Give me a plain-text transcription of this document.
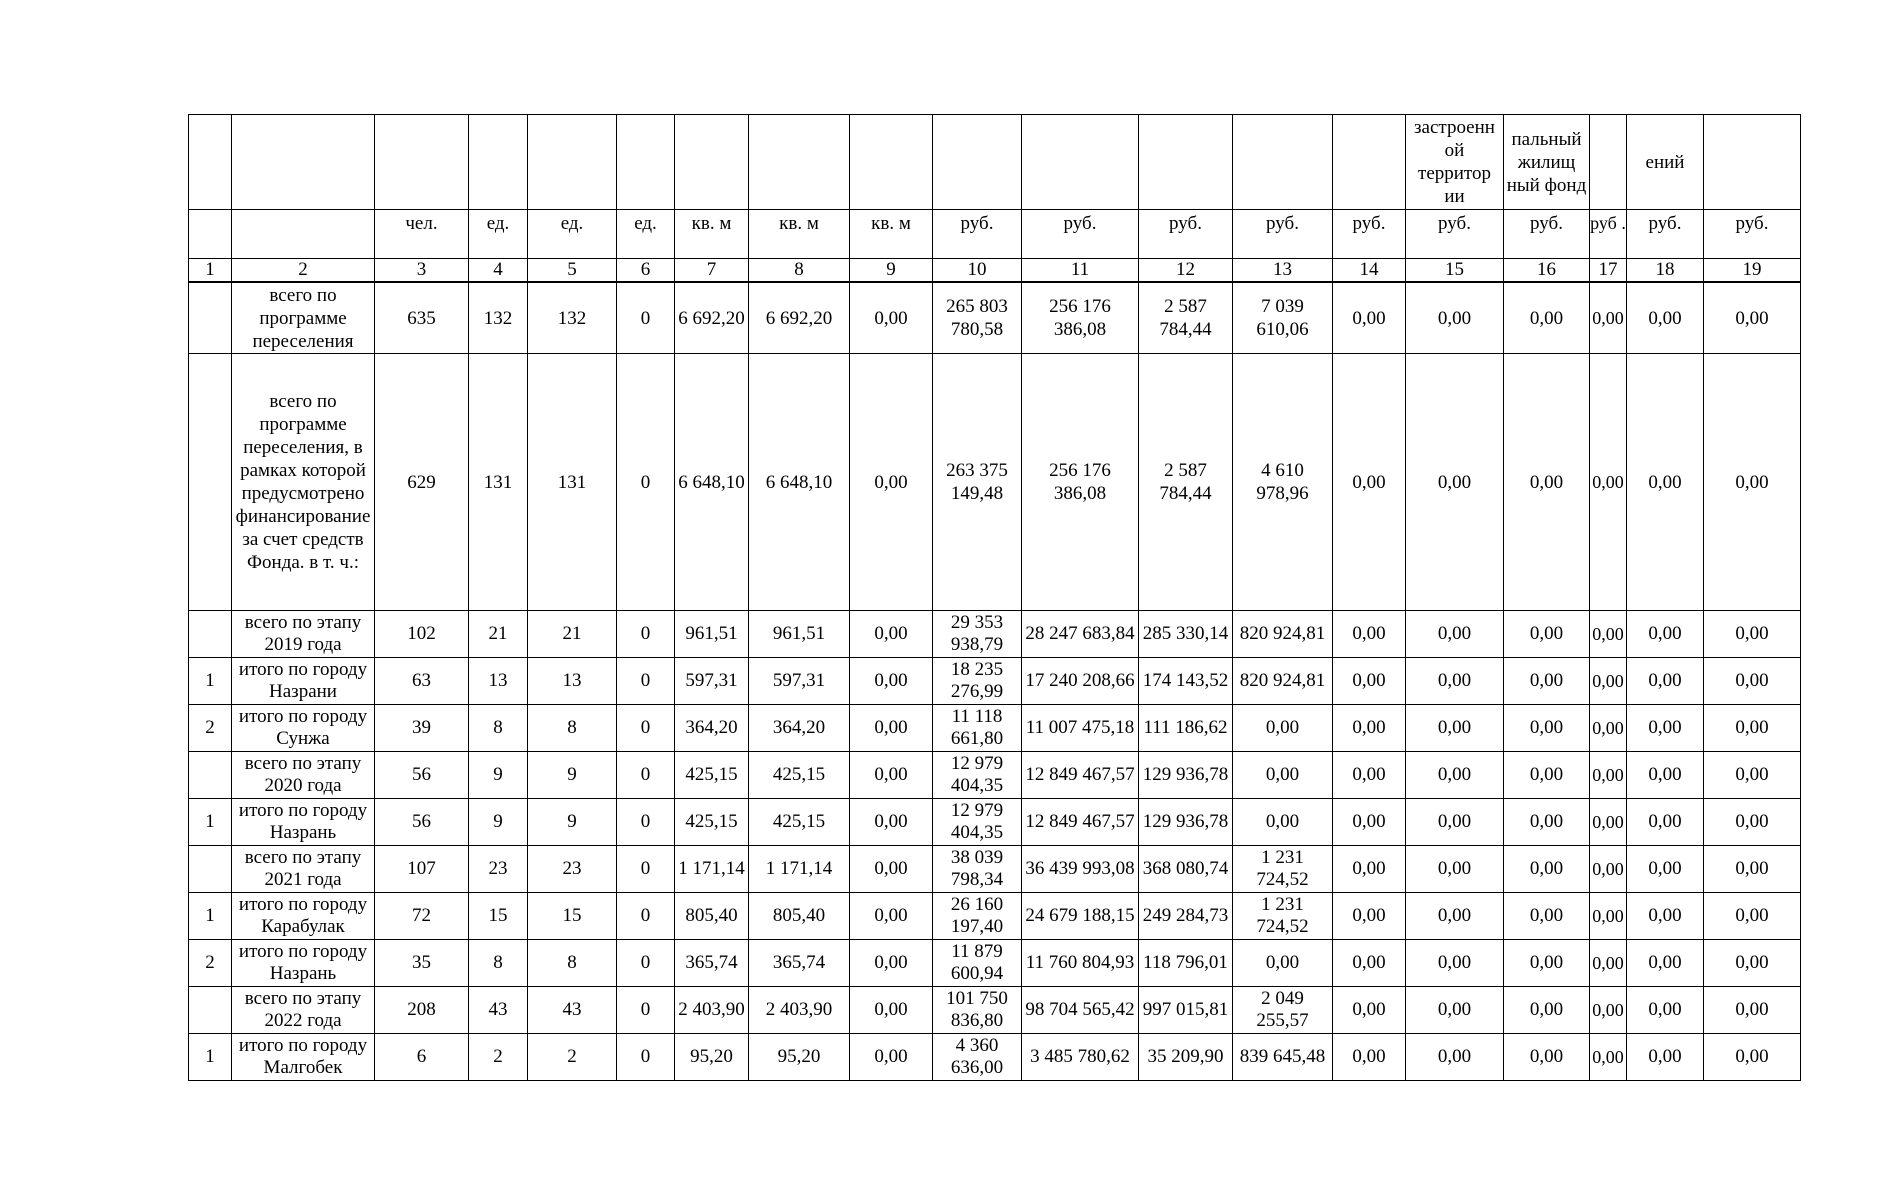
														застроенн ой территор ии	пальный жилищ ный фонд		ений	
		чел.	ед.	ед.	ед.	кв. м	кв. м	кв. м	руб.	руб.	руб.	руб.	руб.	руб.	руб.	руб .	руб.	руб.
1	2	3	4	5	6	7	8	9	10	11	12	13	14	15	16	17	18	19
	всего по программе переселения	635	132	132	0	6 692,20	6 692,20	0,00	265 803 780,58	256 176 386,08	2 587 784,44	7 039 610,06	0,00	0,00	0,00	0,00	0,00	0,00
	всего по программе переселения, в рамках которой предусмотрено финансирование за счет средств Фонда. в т. ч.:	629	131	131	0	6 648,10	6 648,10	0,00	263 375 149,48	256 176 386,08	2 587 784,44	4 610 978,96	0,00	0,00	0,00	0,00	0,00	0,00
	всего по этапу 2019 года	102	21	21	0	961,51	961,51	0,00	29 353 938,79	28 247 683,84	285 330,14	820 924,81	0,00	0,00	0,00	0,00	0,00	0,00
1	итого по городу Назрани	63	13	13	0	597,31	597,31	0,00	18 235 276,99	17 240 208,66	174 143,52	820 924,81	0,00	0,00	0,00	0,00	0,00	0,00
2	итого по городу Сунжа	39	8	8	0	364,20	364,20	0,00	11 118 661,80	11 007 475,18	111 186,62	0,00	0,00	0,00	0,00	0,00	0,00	0,00
	всего по этапу 2020 года	56	9	9	0	425,15	425,15	0,00	12 979 404,35	12 849 467,57	129 936,78	0,00	0,00	0,00	0,00	0,00	0,00	0,00
1	итого по городу Назрань	56	9	9	0	425,15	425,15	0,00	12 979 404,35	12 849 467,57	129 936,78	0,00	0,00	0,00	0,00	0,00	0,00	0,00
	всего по этапу 2021 года	107	23	23	0	1 171,14	1 171,14	0,00	38 039 798,34	36 439 993,08	368 080,74	1 231 724,52	0,00	0,00	0,00	0,00	0,00	0,00
1	итого по городу Карабулак	72	15	15	0	805,40	805,40	0,00	26 160 197,40	24 679 188,15	249 284,73	1 231 724,52	0,00	0,00	0,00	0,00	0,00	0,00
2	итого по городу Назрань	35	8	8	0	365,74	365,74	0,00	11 879 600,94	11 760 804,93	118 796,01	0,00	0,00	0,00	0,00	0,00	0,00	0,00
	всего по этапу 2022 года	208	43	43	0	2 403,90	2 403,90	0,00	101 750 836,80	98 704 565,42	997 015,81	2 049 255,57	0,00	0,00	0,00	0,00	0,00	0,00
1	итого по городу Малгобек	6	2	2	0	95,20	95,20	0,00	4 360 636,00	3 485 780,62	35 209,90	839 645,48	0,00	0,00	0,00	0,00	0,00	0,00
